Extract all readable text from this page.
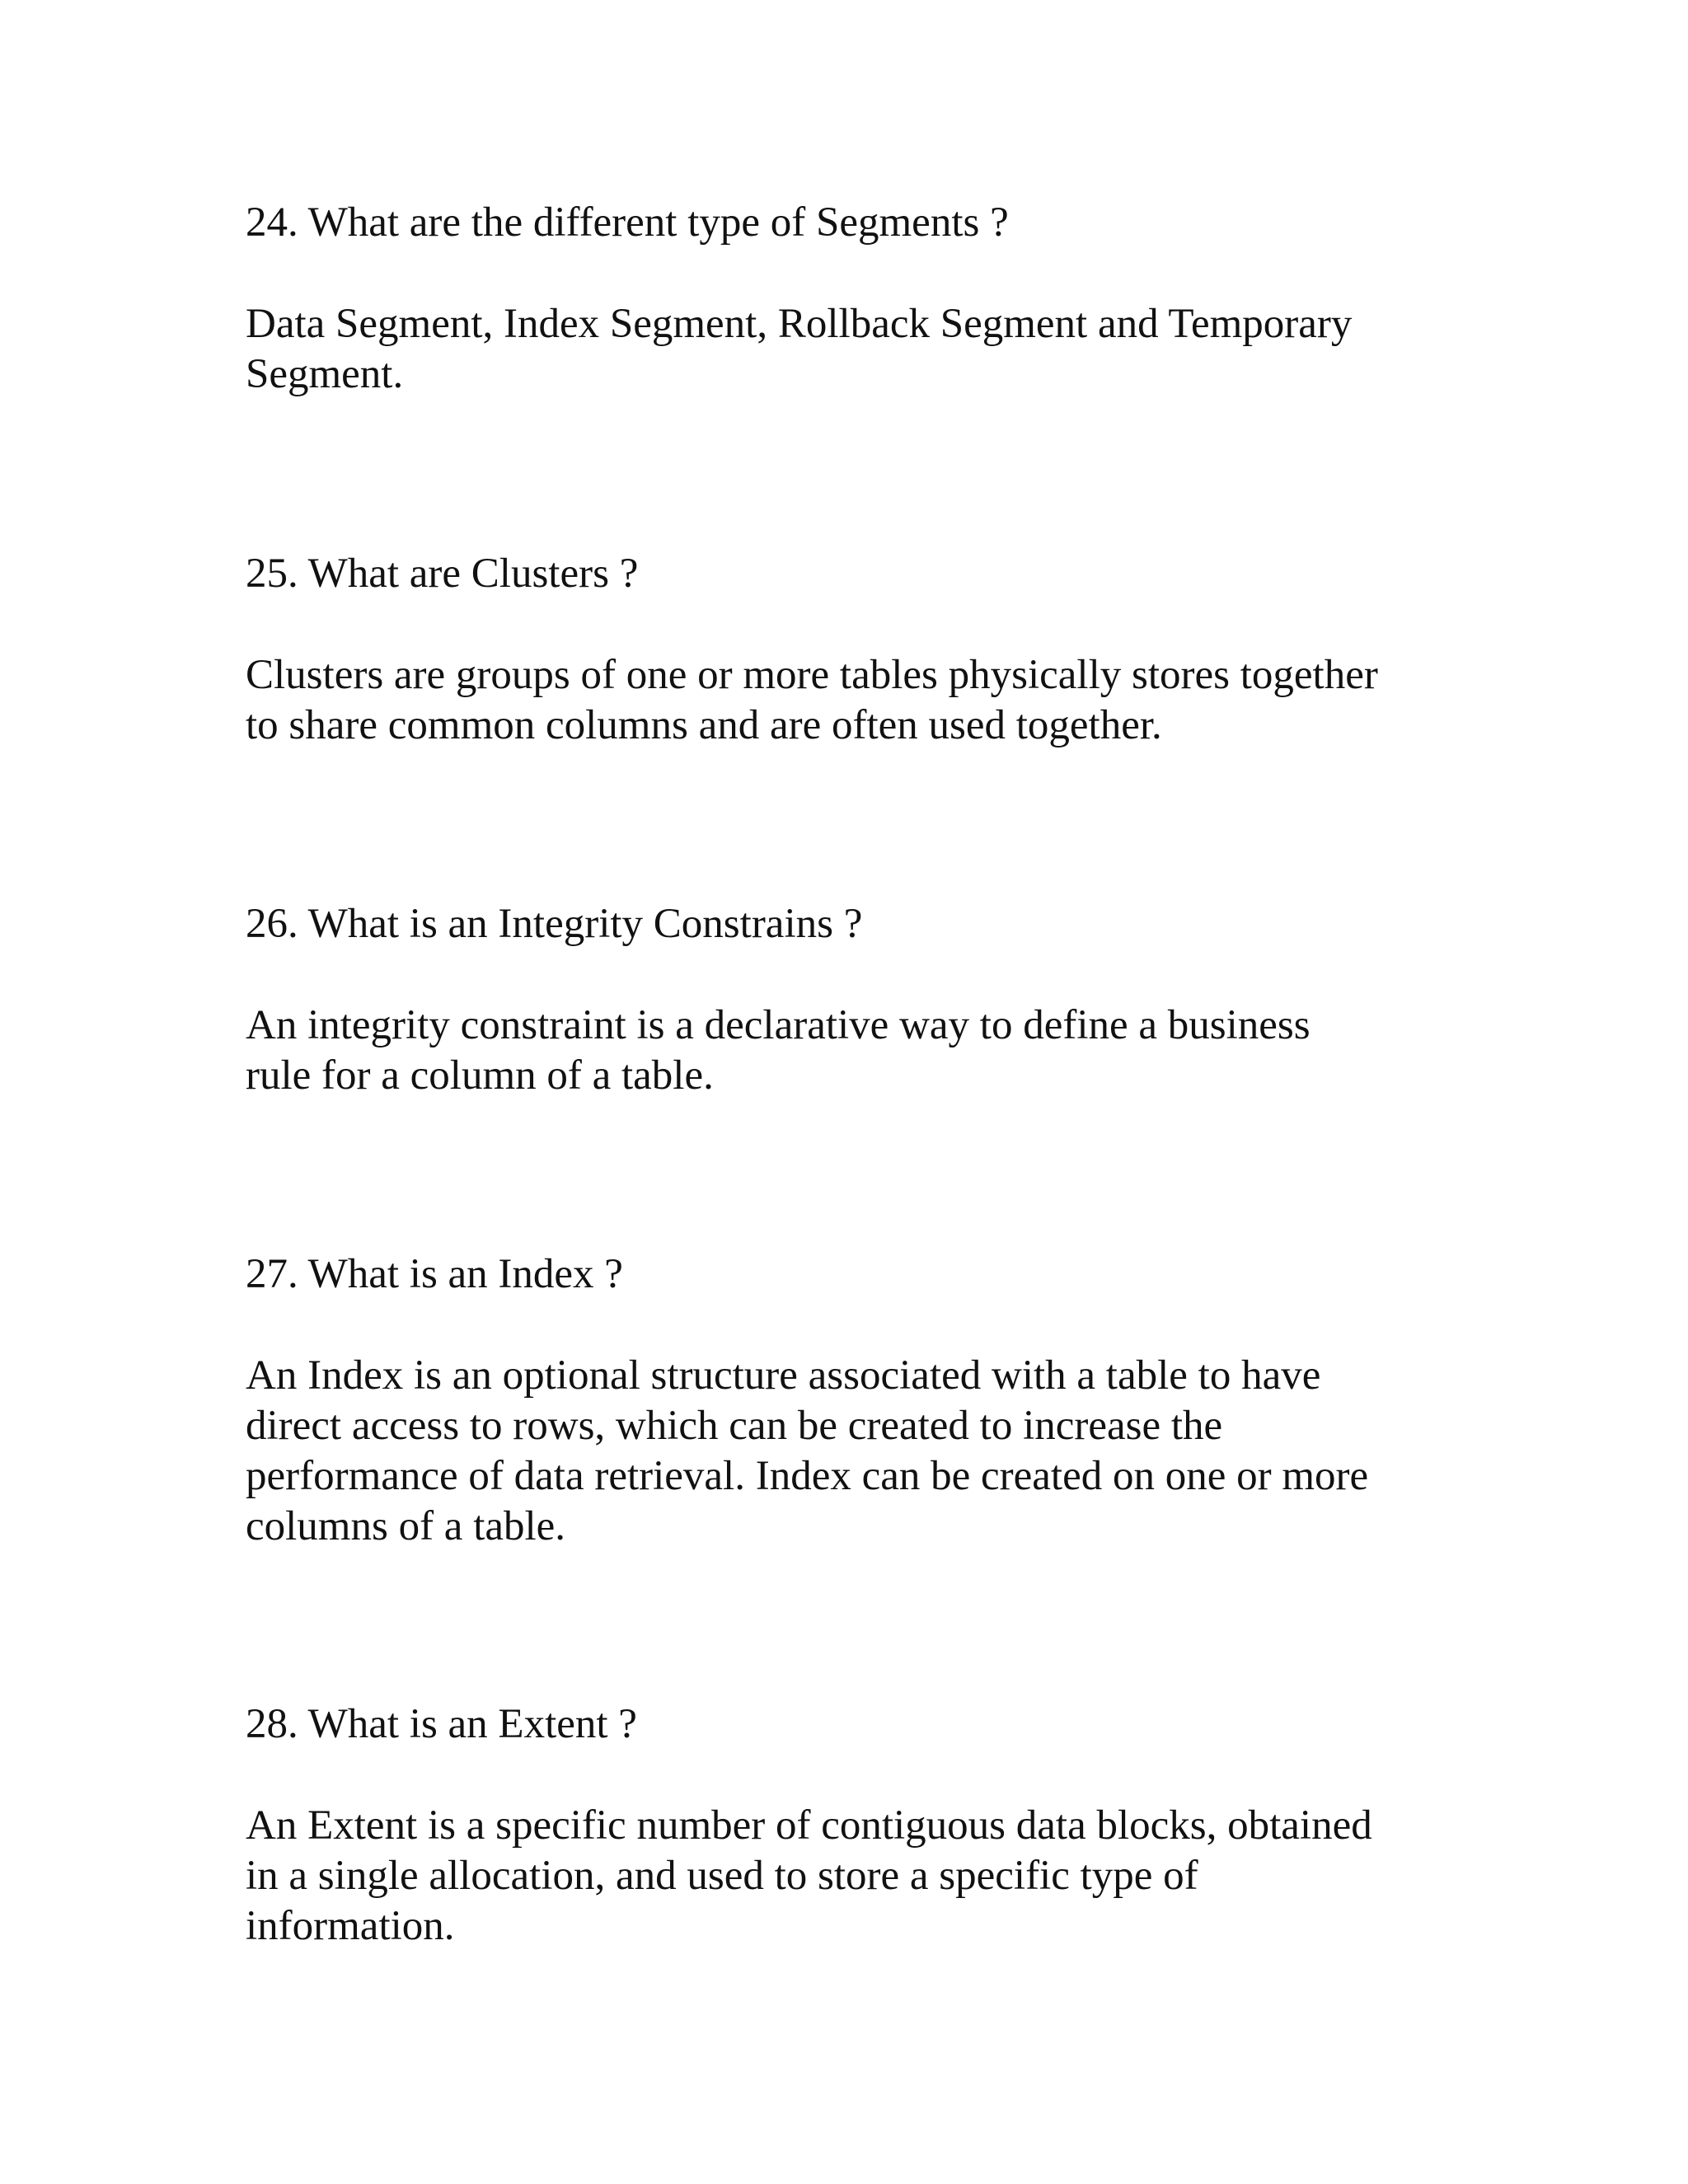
24. What are the different type of Segments ?

Data Segment, Index Segment, Rollback Segment and Temporary
Segment.

25. What are Clusters ?

Clusters are groups of one or more tables physically stores together
to share common columns and are often used together.

26. What is an Integrity Constrains ?

An integrity constraint is a declarative way to define a business
rule for a column of a table.

27. What is an Index ?

An Index is an optional structure associated with a table to have
direct access to rows, which can be created to increase the
performance of data retrieval. Index can be created on one or more
columns of a table.

28. What is an Extent ?

An Extent is a specific number of contiguous data blocks, obtained
in a single allocation, and used to store a specific type of
information.
